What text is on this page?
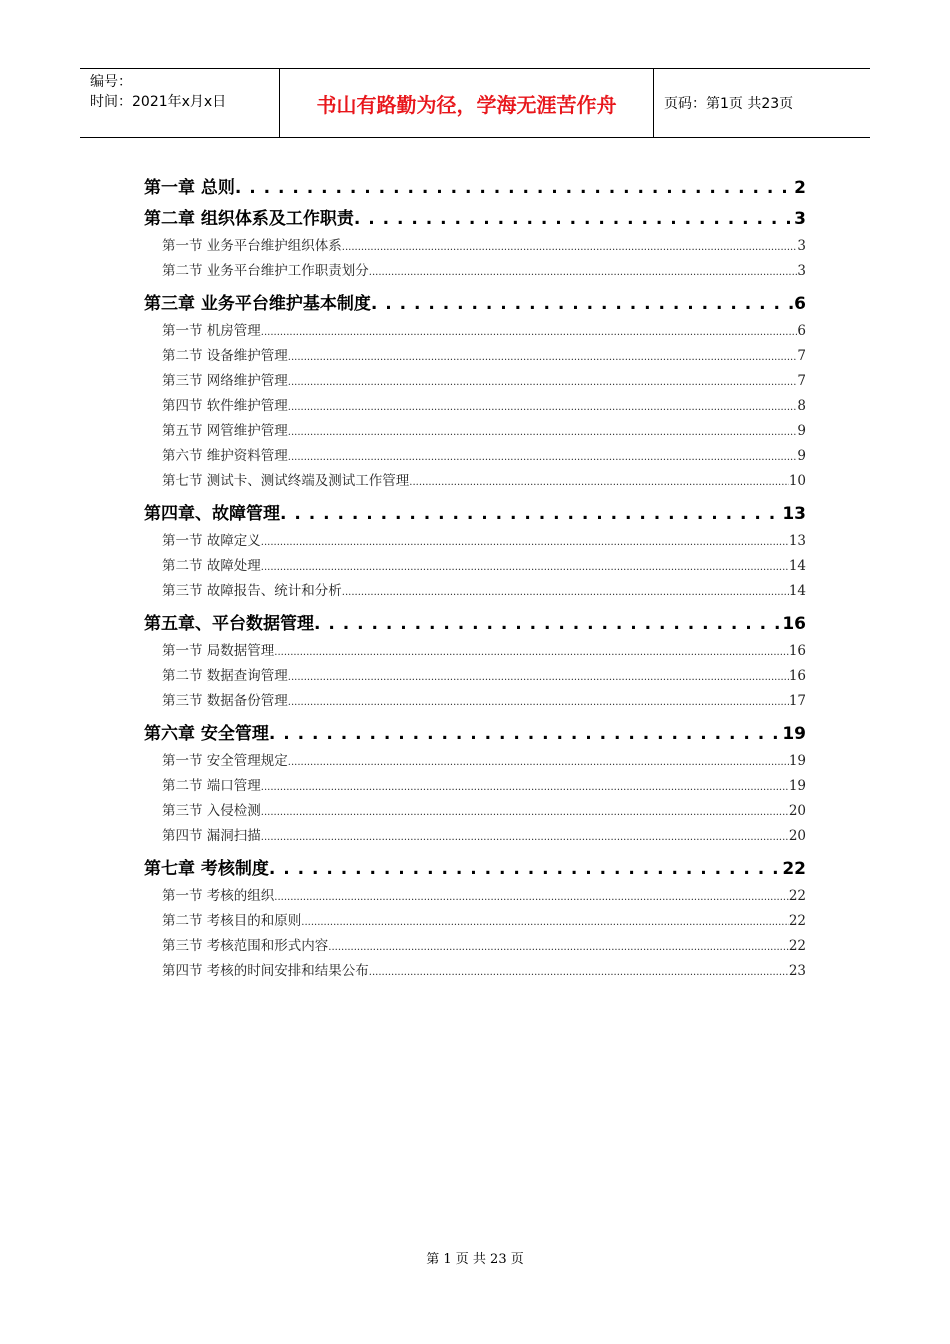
编号：
时间：2021年x月x日	书山有路勤为径，学海无涯苦作舟	页码：第1页 共23页
第一章 总则 . . .	2
第二章 组织体系及工作职责 . . .	3
第一节 业务平台维护组织体系 .....	3
第二节 业务平台维护工作职责划分 .....	3
第三章 业务平台维护基本制度 . . .	6
第一节 机房管理 .....	6
第二节 设备维护管理 .....	7
第三节 网络维护管理 .....	7
第四节 软件维护管理 .....	8
第五节 网管维护管理 .....	9
第六节 维护资料管理 .....	9
第七节 测试卡、测试终端及测试工作管理 .....	10
第四章、故障管理 . . .	13
第一节 故障定义 .....	13
第二节 故障处理 .....	14
第三节 故障报告、统计和分析 .....	14
第五章、平台数据管理 . . .	16
第一节 局数据管理 .....	16
第二节 数据查询管理 .....	16
第三节 数据备份管理 .....	17
第六章 安全管理 . . .	19
第一节 安全管理规定 .....	19
第二节 端口管理 .....	19
第三节 入侵检测 .....	20
第四节 漏洞扫描 .....	20
第七章 考核制度 . . .	22
第一节 考核的组织 .....	22
第二节 考核目的和原则 .....	22
第三节 考核范围和形式内容 .....	22
第四节 考核的时间安排和结果公布 .....	23
第 1 页 共 23 页
